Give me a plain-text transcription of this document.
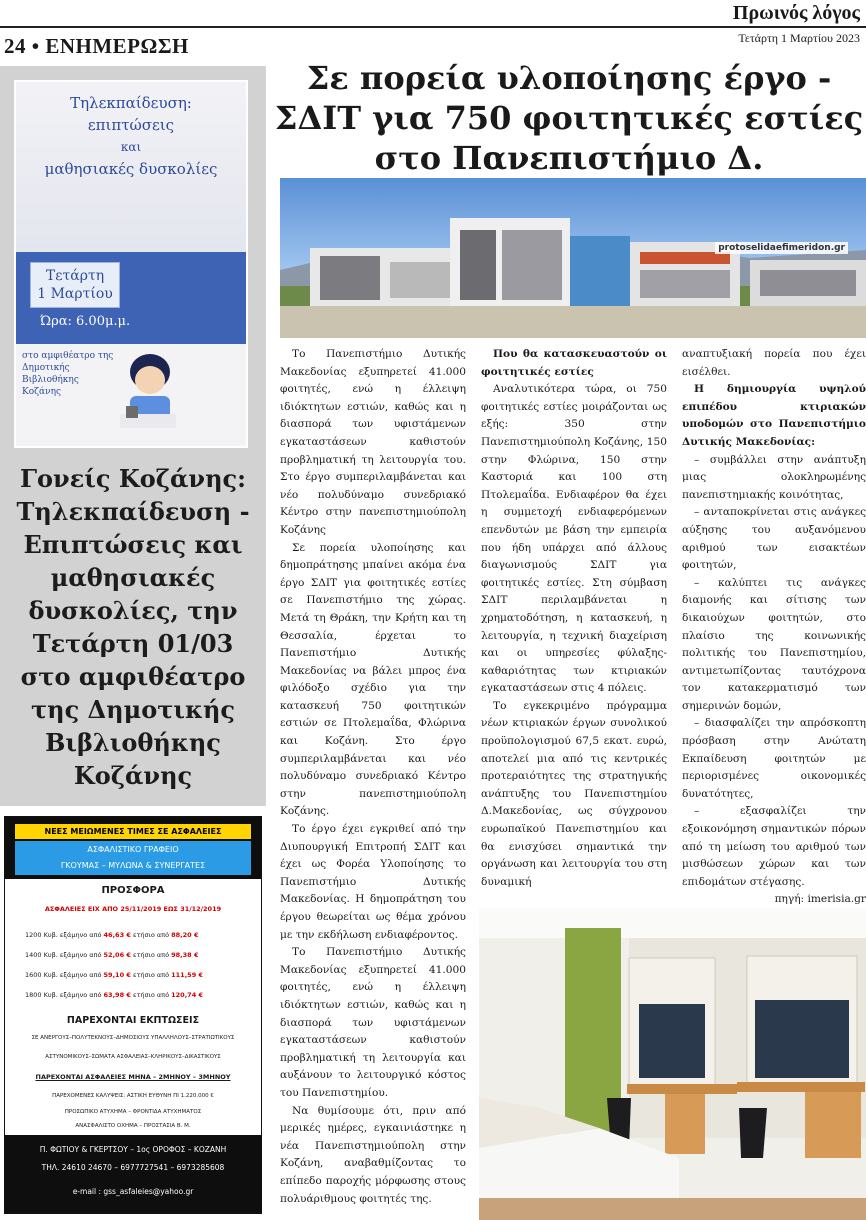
Πρωινός λόγος
24 • ΕΝΗΜΕΡΩΣΗ	Τετάρτη 1 Μαρτίου 2023
Τηλεκπαίδευση:
επιπτώσεις
και
μαθησιακές δυσκολίες
Τετάρτη
1 Μαρτίου
Ώρα: 6.00μ.μ.
στο αμφιθέατρο της Δημοτικής Βιβλιοθήκης Κοζάνης
Γονείς Κοζάνης: Τηλεκπαίδευση - Επιπτώσεις και μαθησιακές δυσκολίες, την Τετάρτη 01/03 στο αμφιθέατρο της Δημοτικής Βιβλιοθήκης Κοζάνης
ΝΕΕΣ ΜΕΙΩΜΕΝΕΣ ΤΙΜΕΣ ΣΕ ΑΣΦΑΛΕΙΕΣ
ΑΣΦΑΛΙΣΤΙΚΟ ΓΡΑΦΕΙΟ
ΓΚΟΥΜΑΣ – ΜΥΛΩΝΑ & ΣΥΝΕΡΓΑΤΕΣ
ΠΡΟΣΦΟΡΑ
ΑΣΦΑΛΕΙΕΣ ΕΙΧ ΑΠΟ 25/11/2019 ΕΩΣ 31/12/2019
1200 Κυβ. εξάμηνο από 46,63 € ετήσιο από 88,20 €
1400 Κυβ. εξάμηνο από 52,06 € ετήσιο από 98,38 €
1600 Κυβ. εξάμηνο από 59,10 € ετήσιο από 111,59 €
1800 Κυβ. εξάμηνο από 63,98 € ετήσιο από 120,74 €
ΠΑΡΕΧΟΝΤΑΙ ΕΚΠΤΩΣΕΙΣ
ΣΕ ΑΝΕΡΓΟΥΣ–ΠΟΛΥΤΕΚΝΟΥΣ–ΔΗΜΟΣΙΟΥΣ ΥΠΑΛΛΗΛΟΥΣ–ΣΤΡΑΤΙΩΤΙΚΟΥΣ
ΑΣΤΥΝΟΜΙΚΟΥΣ–ΣΩΜΑΤΑ ΑΣΦΑΛΕΙΑΣ–ΚΛΗΡΙΚΟΥΣ–ΔΙΚΑΣΤΙΚΟΥΣ
ΠΑΡΕΧΟΝΤΑΙ ΑΣΦΑΛΕΙΕΣ ΜΗΝΑ – 2ΜΗΝΟΥ – 3ΜΗΝΟΥ
ΠΑΡΕΧΟΜΕΝΕΣ ΚΑΛΥΨΕΙΣ: ΑΣΤΙΚΗ ΕΥΘΥΝΗ ΠΙ 1.220.000 €
ΠΡΟΣΩΠΙΚΟ ΑΤΥΧΗΜΑ – ΦΡΟΝΤΙΔΑ ΑΤΥΧΗΜΑΤΟΣ
ΑΝΑΣΦΑΛΙΣΤΟ ΟΧΗΜΑ – ΠΡΟΣΤΑΣΙΑ Β. Μ.
Π. ΦΩΤΙΟΥ & ΓΚΕΡΤΣΟΥ – 1ος ΟΡΟΦΟΣ – ΚΟΖΑΝΗ
ΤΗΛ. 24610 24670 – 6977727541 – 6973285608
e-mail : gss_asfaleies@yahoo.gr
Σε πορεία υλοποίησης έργο - ΣΔΙΤ για 750 φοιτητικές εστίες στο Πανεπιστήμιο Δ.
protoselidaefimeridon.gr

Το Πανεπιστήμιο Δυτικής Μακεδονίας εξυπηρετεί 41.000 φοιτητές, ενώ η έλλειψη ιδιόκτητων εστιών, καθώς και η διασπορά των υφιστάμενων εγκαταστάσεων καθιστούν προβληματική τη λειτουργία του. Στο έργο συμπεριλαμβάνεται και νέο πολυδύναμο συνεδριακό Κέντρο στην πανεπιστημιούπολη Κοζάνης

Σε πορεία υλοποίησης και δημοπράτησης μπαίνει ακόμα ένα έργο ΣΔΙΤ για φοιτητικές εστίες σε Πανεπιστήμιο της χώρας. Μετά τη Θράκη, την Κρήτη και τη Θεσσαλία, έρχεται το Πανεπιστήμιο Δυτικής Μακεδονίας να βάλει μπρος ένα φιλόδοξο σχέδιο για την κατασκευή 750 φοιτητικών εστιών σε Πτολεμαΐδα, Φλώρινα και Κοζάνη. Στο έργο συμπεριλαμβάνεται και νέο πολυδύναμο συνεδριακό Κέντρο στην πανεπιστημιούπολη Κοζάνης.

Το έργο έχει εγκριθεί από την Διυπουργική Επιτροπή ΣΔΙΤ και έχει ως Φορέα Υλοποίησης το Πανεπιστήμιο Δυτικής Μακεδονίας. Η δημοπράτηση του έργου θεωρείται ως θέμα χρόνου με την εκδήλωση ενδιαφέροντος.

Το Πανεπιστήμιο Δυτικής Μακεδονίας εξυπηρετεί 41.000 φοιτητές, ενώ η έλλειψη ιδιόκτητων εστιών, καθώς και η διασπορά των υφιστάμενων εγκαταστάσεων καθιστούν προβληματική τη λειτουργία και αυξάνουν το λειτουργικό κόστος του Πανεπιστημίου.

Να θυμίσουμε ότι, πριν από μερικές ημέρες, εγκαινιάστηκε η νέα Πανεπιστημιούπολη στην Κοζάνη, αναβαθμίζοντας το επίπεδο παροχής μόρφωσης στους πολυάριθμους φοιτητές της.

Που θα κατασκευαστούν οι φοιτητικές εστίες

Αναλυτικότερα τώρα, οι 750 φοιτητικές εστίες μοιράζονται ως εξής: 350 στην Πανεπιστημιούπολη Κοζάνης, 150 στην Φλώρινα, 150 στην Καστοριά και 100 στη Πτολεμαΐδα. Ενδιαφέρον θα έχει η συμμετοχή ενδιαφερόμενων επενδυτών με βάση την εμπειρία που ήδη υπάρχει από άλλους διαγωνισμούς ΣΔΙΤ για φοιτητικές εστίες. Στη σύμβαση ΣΔΙΤ περιλαμβάνεται η χρηματοδότηση, η κατασκευή, η λειτουργία, η τεχνική διαχείριση και οι υπηρεσίες φύλαξης-καθαριότητας των κτιριακών εγκαταστάσεων στις 4 πόλεις.

Το εγκεκριμένο πρόγραμμα νέων κτιριακών έργων συνολικού προϋπολογισμού 67,5 εκατ. ευρώ, αποτελεί μια από τις κεντρικές προτεραιότητες της στρατηγικής ανάπτυξης του Πανεπιστημίου Δ.Μακεδονίας, ως σύγχρονου ευρωπαϊκού Πανεπιστημίου και θα ενισχύσει σημαντικά την οργάνωση και λειτουργία του στη δυναμική

αναπτυξιακή πορεία που έχει εισέλθει.

Η δημιουργία υψηλού επιπέδου κτιριακών υποδομών στο Πανεπιστήμιο Δυτικής Μακεδονίας:

– συμβάλλει στην ανάπτυξη μιας ολοκληρωμένης πανεπιστημιακής κοινότητας,

– ανταποκρίνεται στις ανάγκες αύξησης του αυξανόμενου αριθμού των εισακτέων φοιτητών,

– καλύπτει τις ανάγκες διαμονής και σίτισης των δικαιούχων φοιτητών, στο πλαίσιο της κοινωνικής πολιτικής του Πανεπιστημίου, αντιμετωπίζοντας ταυτόχρονα τον κατακερματισμό των σημερινών δομών,

– διασφαλίζει την απρόσκοπτη πρόσβαση στην Ανώτατη Εκπαίδευση φοιτητών με περιορισμένες οικονομικές δυνατότητες,

– εξασφαλίζει την εξοικονόμηση σημαντικών πόρων από τη μείωση του αριθμού των μισθώσεων χώρων και των επιδομάτων στέγασης.

πηγή: imerisia.gr
